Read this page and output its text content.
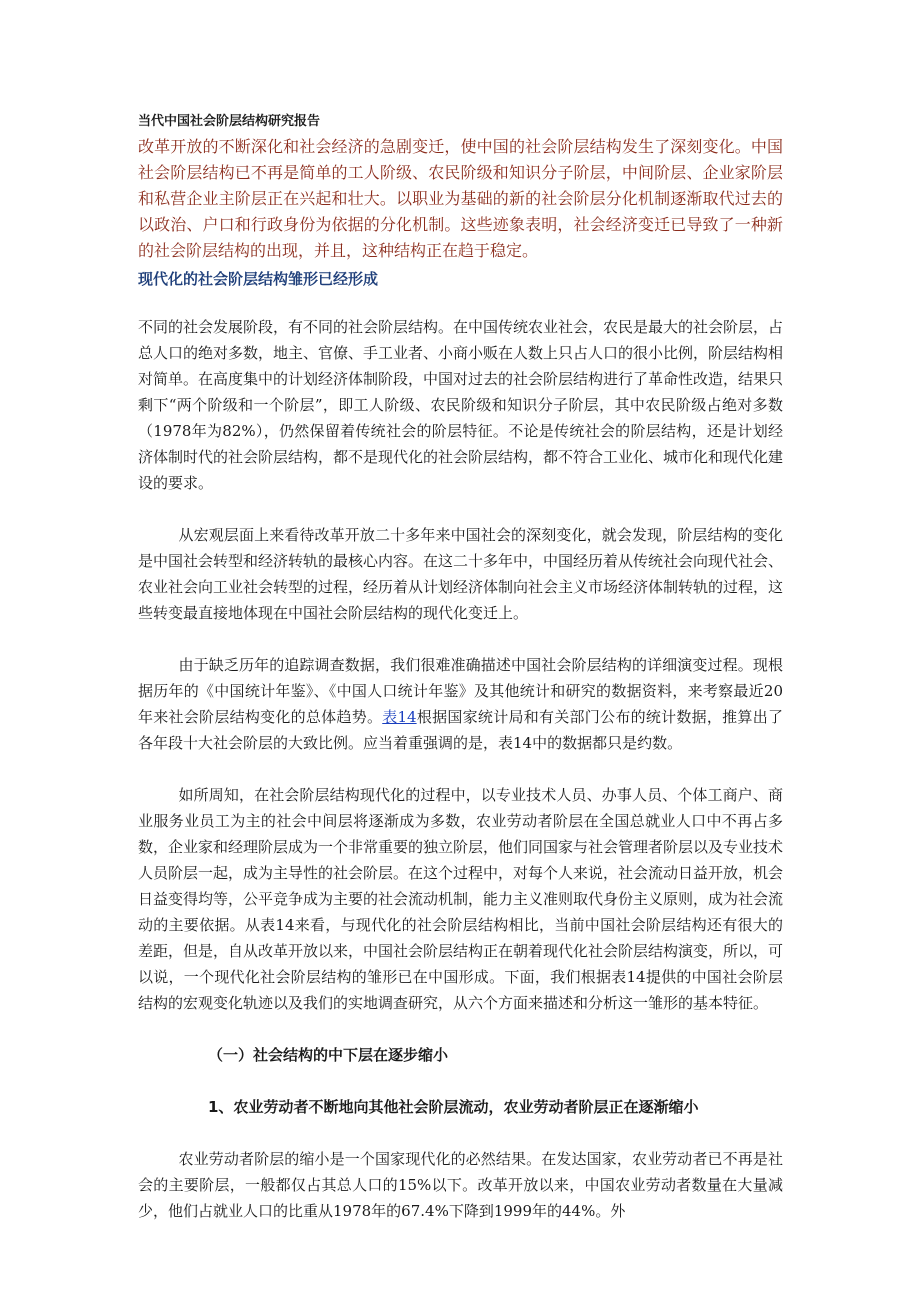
当代中国社会阶层结构研究报告

改革开放的不断深化和社会经济的急剧变迁，使中国的社会阶层结构发生了深刻变化。中国社会阶层结构已不再是简单的工人阶级、农民阶级和知识分子阶层，中间阶层、企业家阶层和私营企业主阶层正在兴起和壮大。以职业为基础的新的社会阶层分化机制逐渐取代过去的以政治、户口和行政身份为依据的分化机制。这些迹象表明，社会经济变迁已导致了一种新的社会阶层结构的出现，并且，这种结构正在趋于稳定。

现代化的社会阶层结构雏形已经形成

不同的社会发展阶段，有不同的社会阶层结构。在中国传统农业社会，农民是最大的社会阶层，占总人口的绝对多数，地主、官僚、手工业者、小商小贩在人数上只占人口的很小比例，阶层结构相对简单。在高度集中的计划经济体制阶段，中国对过去的社会阶层结构进行了革命性改造，结果只剩下“两个阶级和一个阶层”，即工人阶级、农民阶级和知识分子阶层，其中农民阶级占绝对多数（1978年为82%），仍然保留着传统社会的阶层特征。不论是传统社会的阶层结构，还是计划经济体制时代的社会阶层结构，都不是现代化的社会阶层结构，都不符合工业化、城市化和现代化建设的要求。

从宏观层面上来看待改革开放二十多年来中国社会的深刻变化，就会发现，阶层结构的变化是中国社会转型和经济转轨的最核心内容。在这二十多年中，中国经历着从传统社会向现代社会、农业社会向工业社会转型的过程，经历着从计划经济体制向社会主义市场经济体制转轨的过程，这些转变最直接地体现在中国社会阶层结构的现代化变迁上。

由于缺乏历年的追踪调查数据，我们很难准确描述中国社会阶层结构的详细演变过程。现根据历年的《中国统计年鉴》、《中国人口统计年鉴》及其他统计和研究的数据资料，来考察最近20年来社会阶层结构变化的总体趋势。表14根据国家统计局和有关部门公布的统计数据，推算出了各年段十大社会阶层的大致比例。应当着重强调的是，表14中的数据都只是约数。

如所周知，在社会阶层结构现代化的过程中，以专业技术人员、办事人员、个体工商户、商业服务业员工为主的社会中间层将逐渐成为多数，农业劳动者阶层在全国总就业人口中不再占多数，企业家和经理阶层成为一个非常重要的独立阶层，他们同国家与社会管理者阶层以及专业技术人员阶层一起，成为主导性的社会阶层。在这个过程中，对每个人来说，社会流动日益开放，机会日益变得均等，公平竞争成为主要的社会流动机制，能力主义准则取代身份主义原则，成为社会流动的主要依据。从表14来看，与现代化的社会阶层结构相比，当前中国社会阶层结构还有很大的差距，但是，自从改革开放以来，中国社会阶层结构正在朝着现代化社会阶层结构演变，所以，可以说，一个现代化社会阶层结构的雏形已在中国形成。下面，我们根据表14提供的中国社会阶层结构的宏观变化轨迹以及我们的实地调查研究，从六个方面来描述和分析这一雏形的基本特征。

（一）社会结构的中下层在逐步缩小
1、农业劳动者不断地向其他社会阶层流动，农业劳动者阶层正在逐渐缩小

农业劳动者阶层的缩小是一个国家现代化的必然结果。在发达国家，农业劳动者已不再是社会的主要阶层，一般都仅占其总人口的15%以下。改革开放以来，中国农业劳动者数量在大量减少，他们占就业人口的比重从1978年的67.4%下降到1999年的44%。外
